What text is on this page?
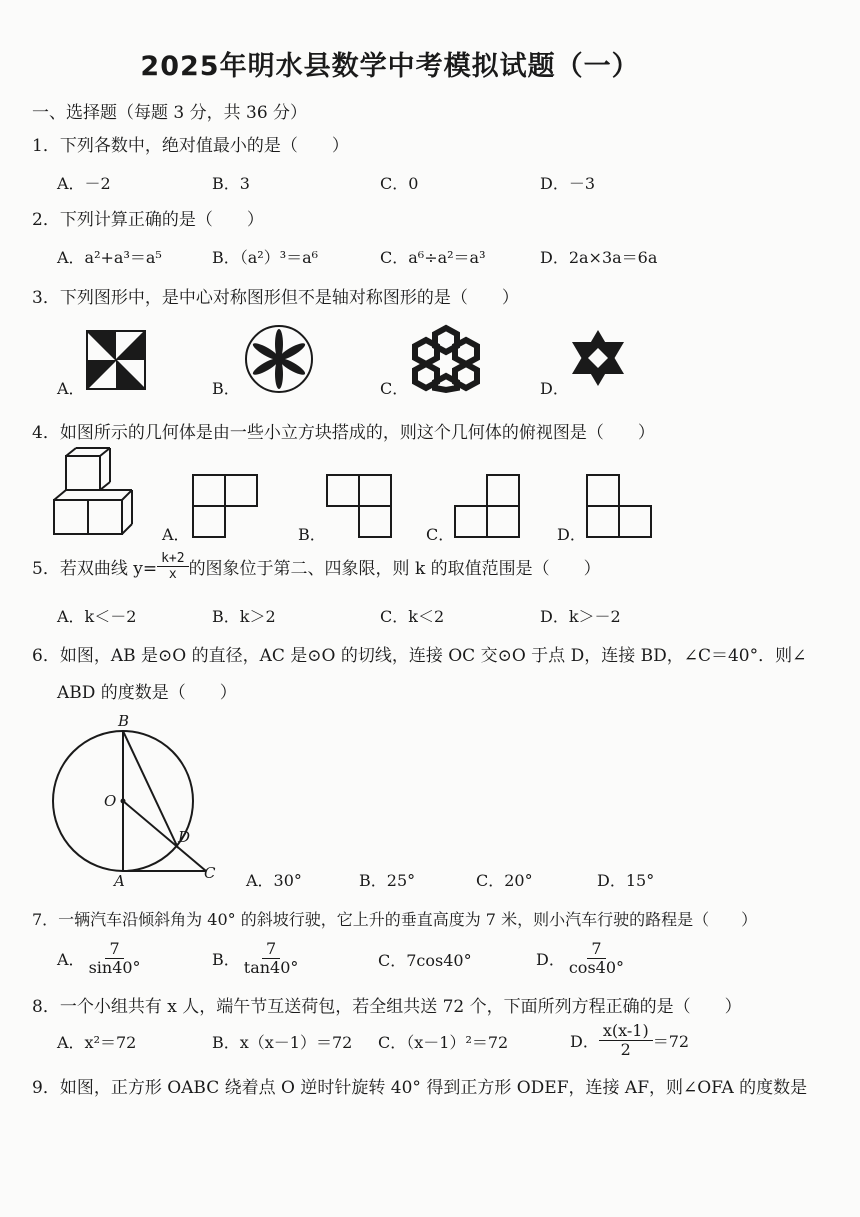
2025年明水县数学中考模拟试题（一）
一、选择题（每题 3 分，共 36 分）
1．下列各数中，绝对值最小的是（　　）
A．－2	B．3	C．0	D．－3
2．下列计算正确的是（　　）
A．a²+a³＝a⁵	B．（a²）³＝a⁶	C．a⁶÷a²＝a³	D．2a×3a＝6a
3．下列图形中，是中心对称图形但不是轴对称图形的是（　　）
A．	B．	C．	D．
4．如图所示的几何体是由一些小立方块搭成的，则这个几何体的俯视图是（　　）
A．	B．	C．	D．
5．若双曲线 $y= \frac{k+2}{x}$ 的图象位于第二、四象限，则 k 的取值范围是（　　）
A．k＜－2	B．k＞2	C．k＜2	D．k＞－2
6．如图，AB 是⊙O 的直径，AC 是⊙O 的切线，连接 OC 交⊙O 于点 D，连接 BD，∠C＝40°．则∠
ABD 的度数是（　　）
B
O
D
A	C A．30°	B．25°	C．20°	D．15°
7．一辆汽车沿倾斜角为 40° 的斜坡行驶，它上升的垂直高度为 7 米，则小汽车行驶的路程是（　　）
A． $\frac{7}{\sin 40^\circ}$	B． $\frac{7}{\tan 40^\circ}$	C．7cos40°	D． $\frac{7}{\cos 40^\circ}$
8．一个小组共有 x 人，端午节互送荷包，若全组共送 72 个，下面所列方程正确的是（　　）
A．x²＝72	B．x（x－1）＝72 C．（x－1）²＝72	D． $\frac{x(x-1)}{2} =72$
9．如图，正方形 OABC 绕着点 O 逆时针旋转 40° 得到正方形 ODEF，连接 AF，则∠OFA 的度数是
